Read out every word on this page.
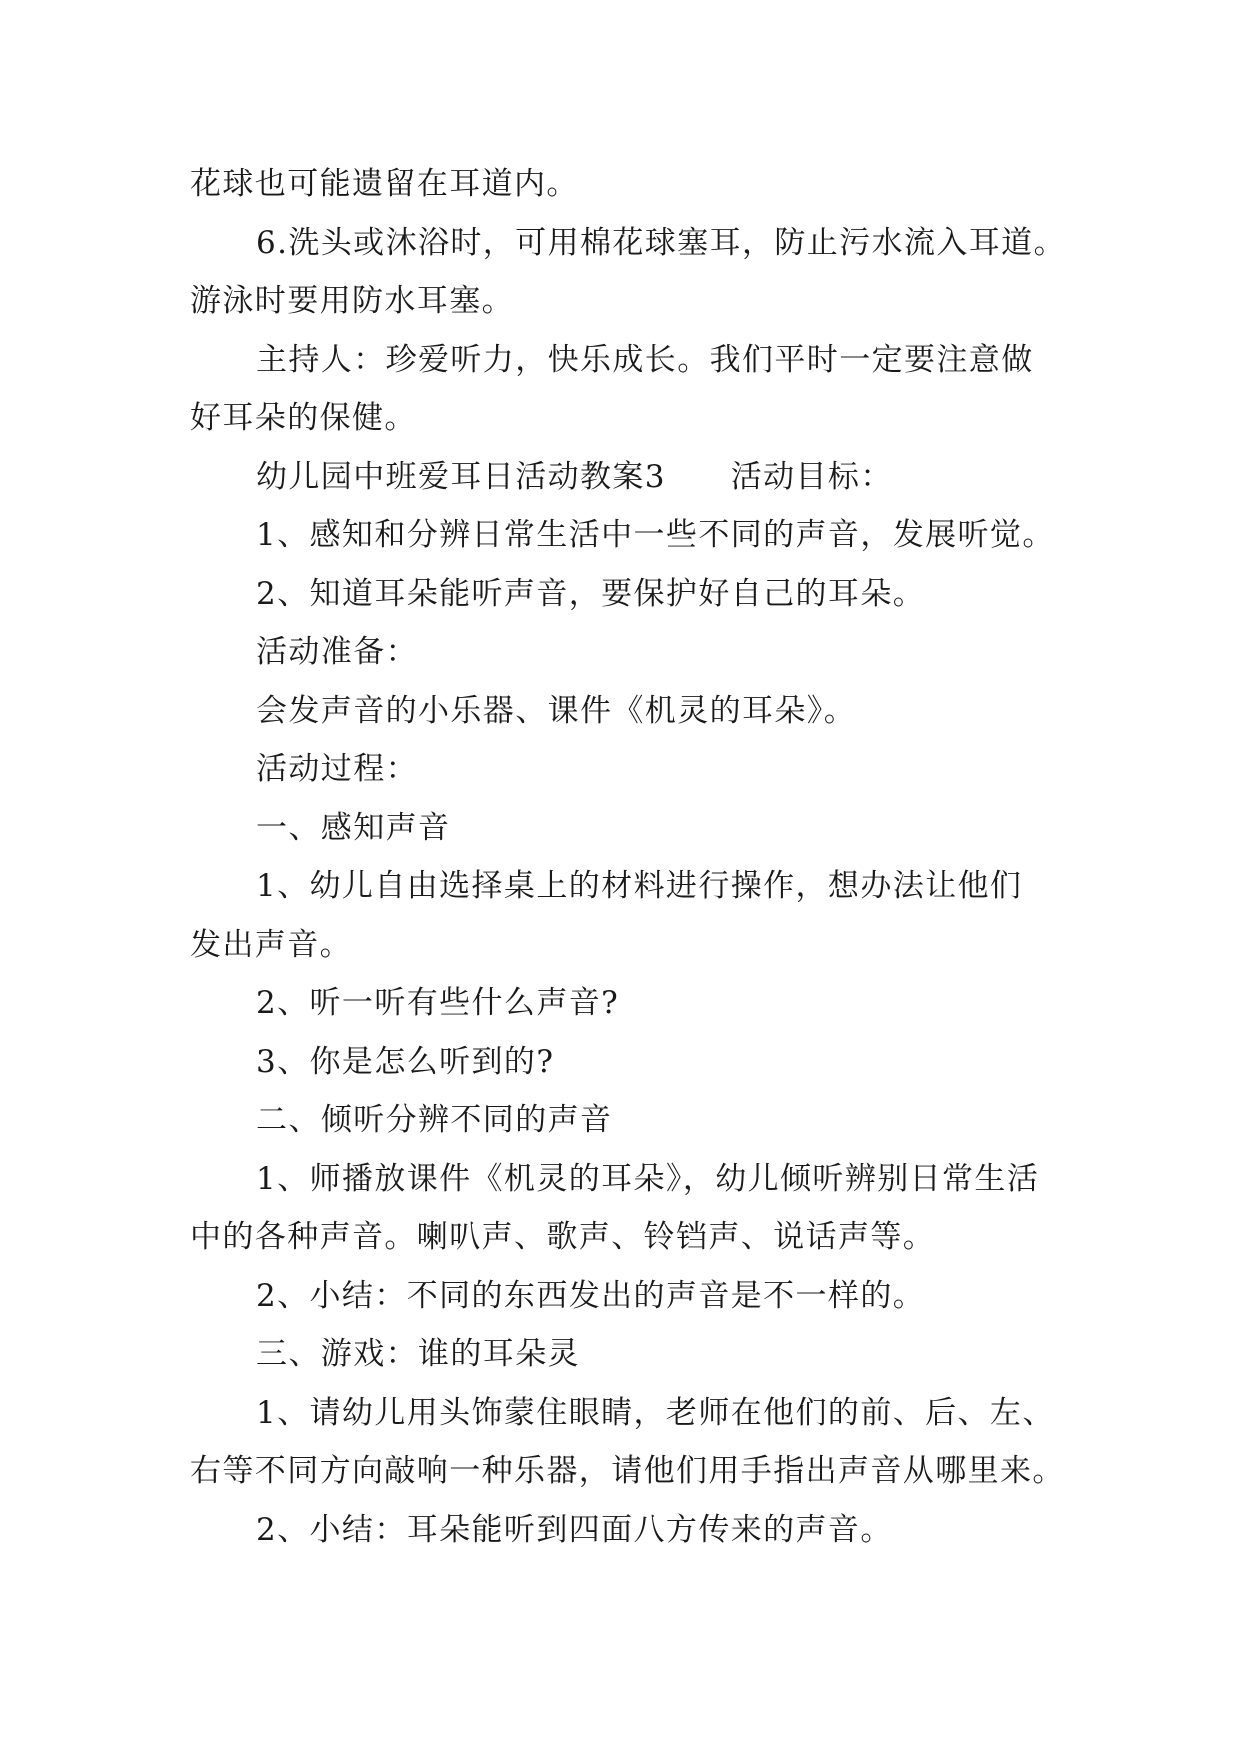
花球也可能遗留在耳道内。
6.洗头或沐浴时，可用棉花球塞耳，防止污水流入耳道。
游泳时要用防水耳塞。
主持人：珍爱听力，快乐成长。我们平时一定要注意做
好耳朵的保健。
幼儿园中班爱耳日活动教案3　　活动目标：
1、感知和分辨日常生活中一些不同的声音，发展听觉。
2、知道耳朵能听声音，要保护好自己的耳朵。
活动准备：
会发声音的小乐器、课件《机灵的耳朵》。
活动过程：
一、感知声音
1、幼儿自由选择桌上的材料进行操作，想办法让他们
发出声音。
2、听一听有些什么声音?
3、你是怎么听到的?
二、倾听分辨不同的声音
1、师播放课件《机灵的耳朵》，幼儿倾听辨别日常生活
中的各种声音。喇叭声、歌声、铃铛声、说话声等。
2、小结：不同的东西发出的声音是不一样的。
三、游戏：谁的耳朵灵
1、请幼儿用头饰蒙住眼睛，老师在他们的前、后、左、
右等不同方向敲响一种乐器，请他们用手指出声音从哪里来。
2、小结：耳朵能听到四面八方传来的声音。
